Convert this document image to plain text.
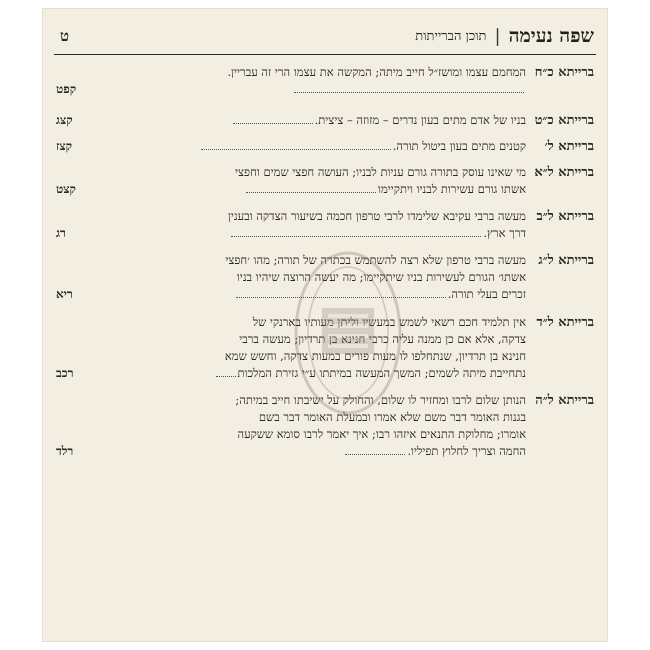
שפה נעימה
|
תוכן הברייתות
ט

ברייתא כ״ח
המחמם עצמו ומושז״ל חייב מיתה; המקשה את עצמו הרי זה עבריין.
קפט
ברייתא כ״ט
בניו של אדם מתים בעון נדרים – מזוזה – ציצית.
קצג
ברייתא ל׳
קטנים מתים בעון ביטול תורה.
קצז
ברייתא ל״א
מי שאינו עוסק בתורה גורם עניות לבניו; העושה חפצי שמים וחפצי
אשתו גורם עשירות לבניו ויתקיימו
קצט
ברייתא ל״ב
מעשה ברבי עקיבא שלימדו לרבי טרפון חכמה בשיעור הצדקה ובענין
דרך ארץ.
רג
ברייתא ל״ג
מעשה ברבי טרפון שלא רצה להשתמש בכתרה של תורה; מהו ׳חפצי
אשתו׳ הגורם לעשירות בניו שיתקיימו; מה יעשה הרוצה שיהיו בניו
זכרים בעלי תורה.
ריא
ברייתא ל״ד
אין תלמיד חכם רשאי לשמש במעשיו וליתן מעותיו בארנקי של
צדקה, אלא אם כן ממנה עליה כרבי חנינא בן תרדיון; מעשה ברבי
חנינא בן תרדיון, שנתחלפו לו מעות פורים במעות צדקה, וחשש שמא
נתחייבת מיתה לשמים; המשך המעשה במיתתו ע״י גזירת המלכות
רכב
ברייתא ל״ה
הנותן שלום לרבו ומחזיר לו שלום, והחולק על ישיבתו חייב במיתה;
בגנות האומר דבר משם שלא אמרו ובמעלת האומר דבר בשם
אומרו; מחלוקת התנאים איזהו רבו; איך יאמר לרבו סומא ששקעה
החמה וצריך לחלוץ תפיליו.
רלד
